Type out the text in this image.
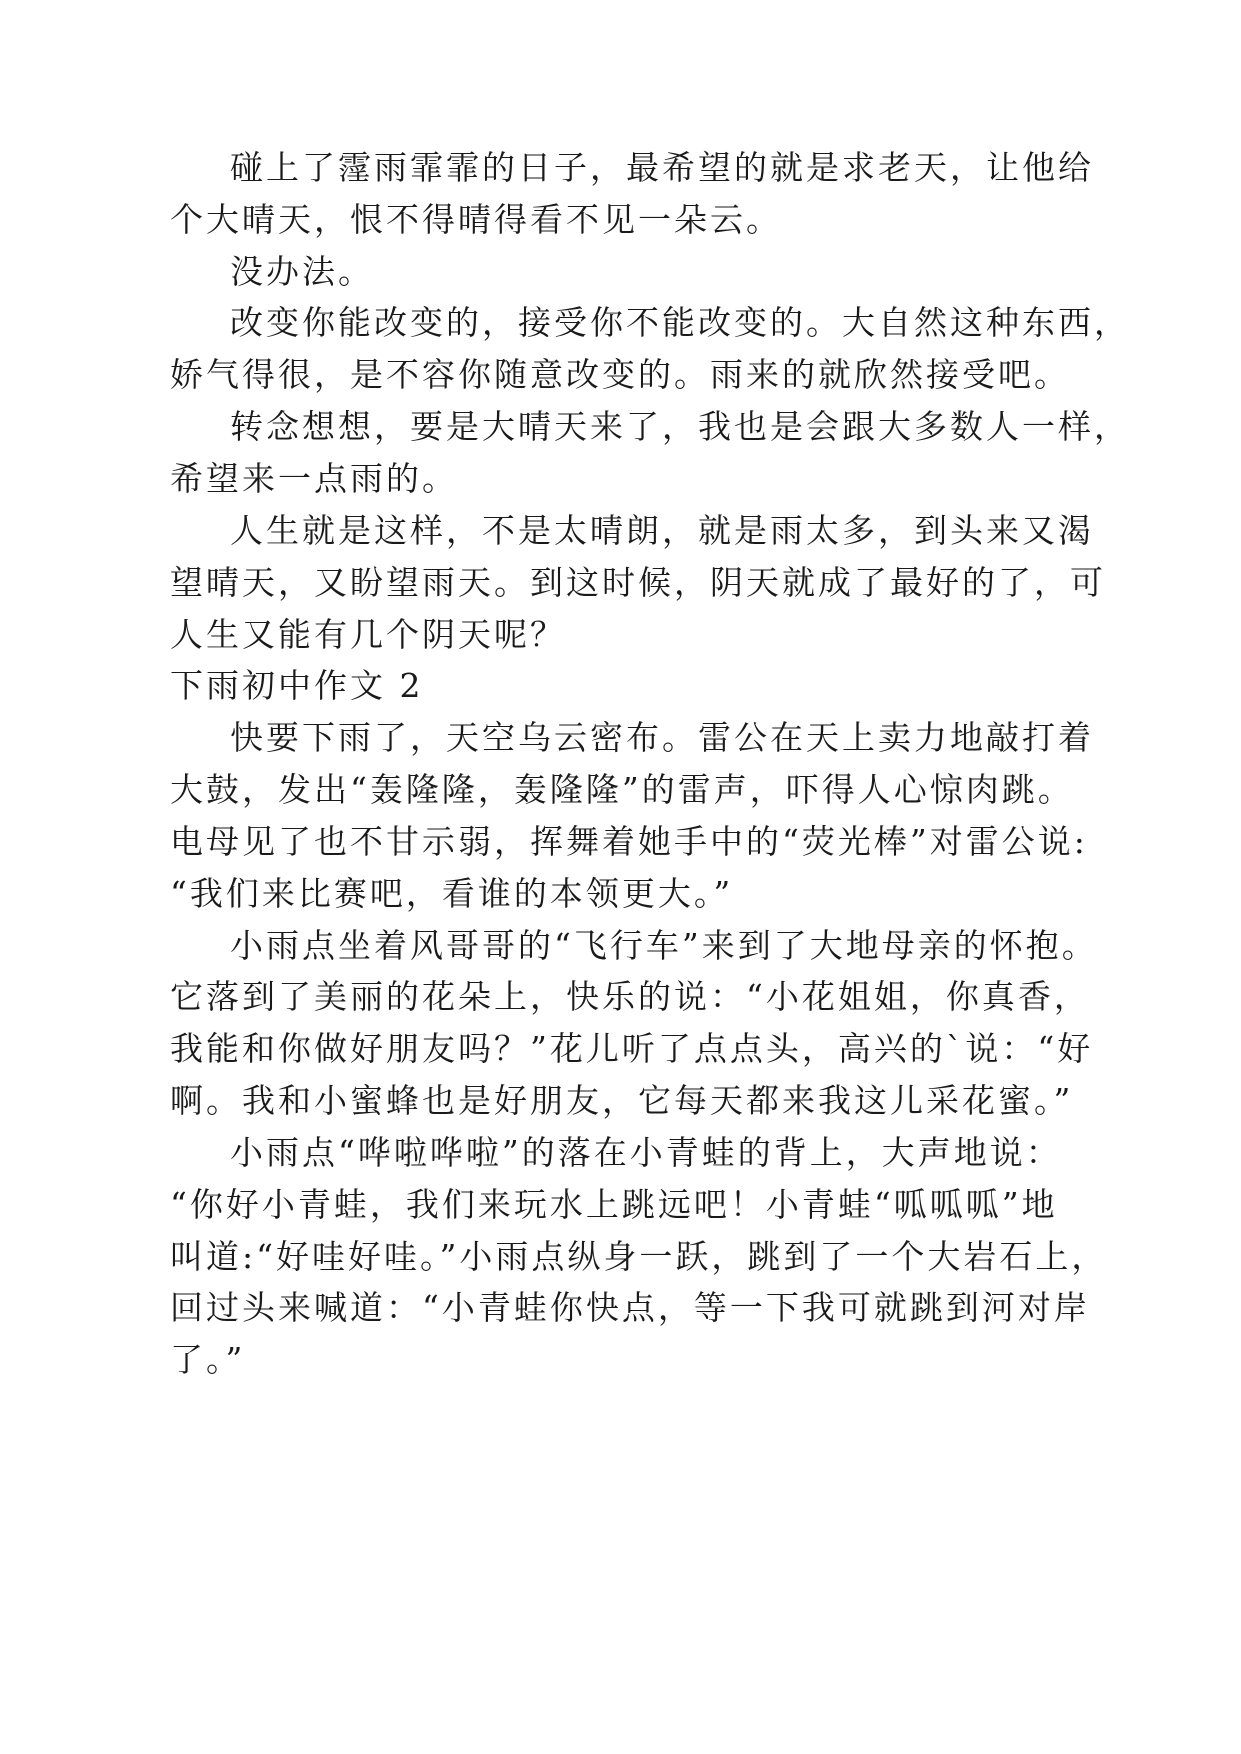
碰上了霪雨霏霏的日子，最希望的就是求老天，让他给
个大晴天，恨不得晴得看不见一朵云。
没办法。
改变你能改变的，接受你不能改变的。大自然这种东西，
娇气得很，是不容你随意改变的。雨来的就欣然接受吧。
转念想想，要是大晴天来了，我也是会跟大多数人一样，
希望来一点雨的。
人生就是这样，不是太晴朗，就是雨太多，到头来又渴
望晴天，又盼望雨天。到这时候，阴天就成了最好的了，可
人生又能有几个阴天呢？
下雨初中作文 2
快要下雨了，天空乌云密布。雷公在天上卖力地敲打着
大鼓，发出“轰隆隆，轰隆隆”的雷声，吓得人心惊肉跳。
电母见了也不甘示弱，挥舞着她手中的“荧光棒”对雷公说:
“我们来比赛吧，看谁的本领更大。”
小雨点坐着风哥哥的“飞行车”来到了大地母亲的怀抱。
它落到了美丽的花朵上，快乐的说：“小花姐姐，你真香，
我能和你做好朋友吗？”花儿听了点点头，高兴的`说：“好
啊。我和小蜜蜂也是好朋友，它每天都来我这儿采花蜜。”
小雨点“哗啦哗啦”的落在小青蛙的背上，大声地说：
“你好小青蛙，我们来玩水上跳远吧！小青蛙“呱呱呱”地
叫道:“好哇好哇。”小雨点纵身一跃，跳到了一个大岩石上，
回过头来喊道：“小青蛙你快点，等一下我可就跳到河对岸
了。”
